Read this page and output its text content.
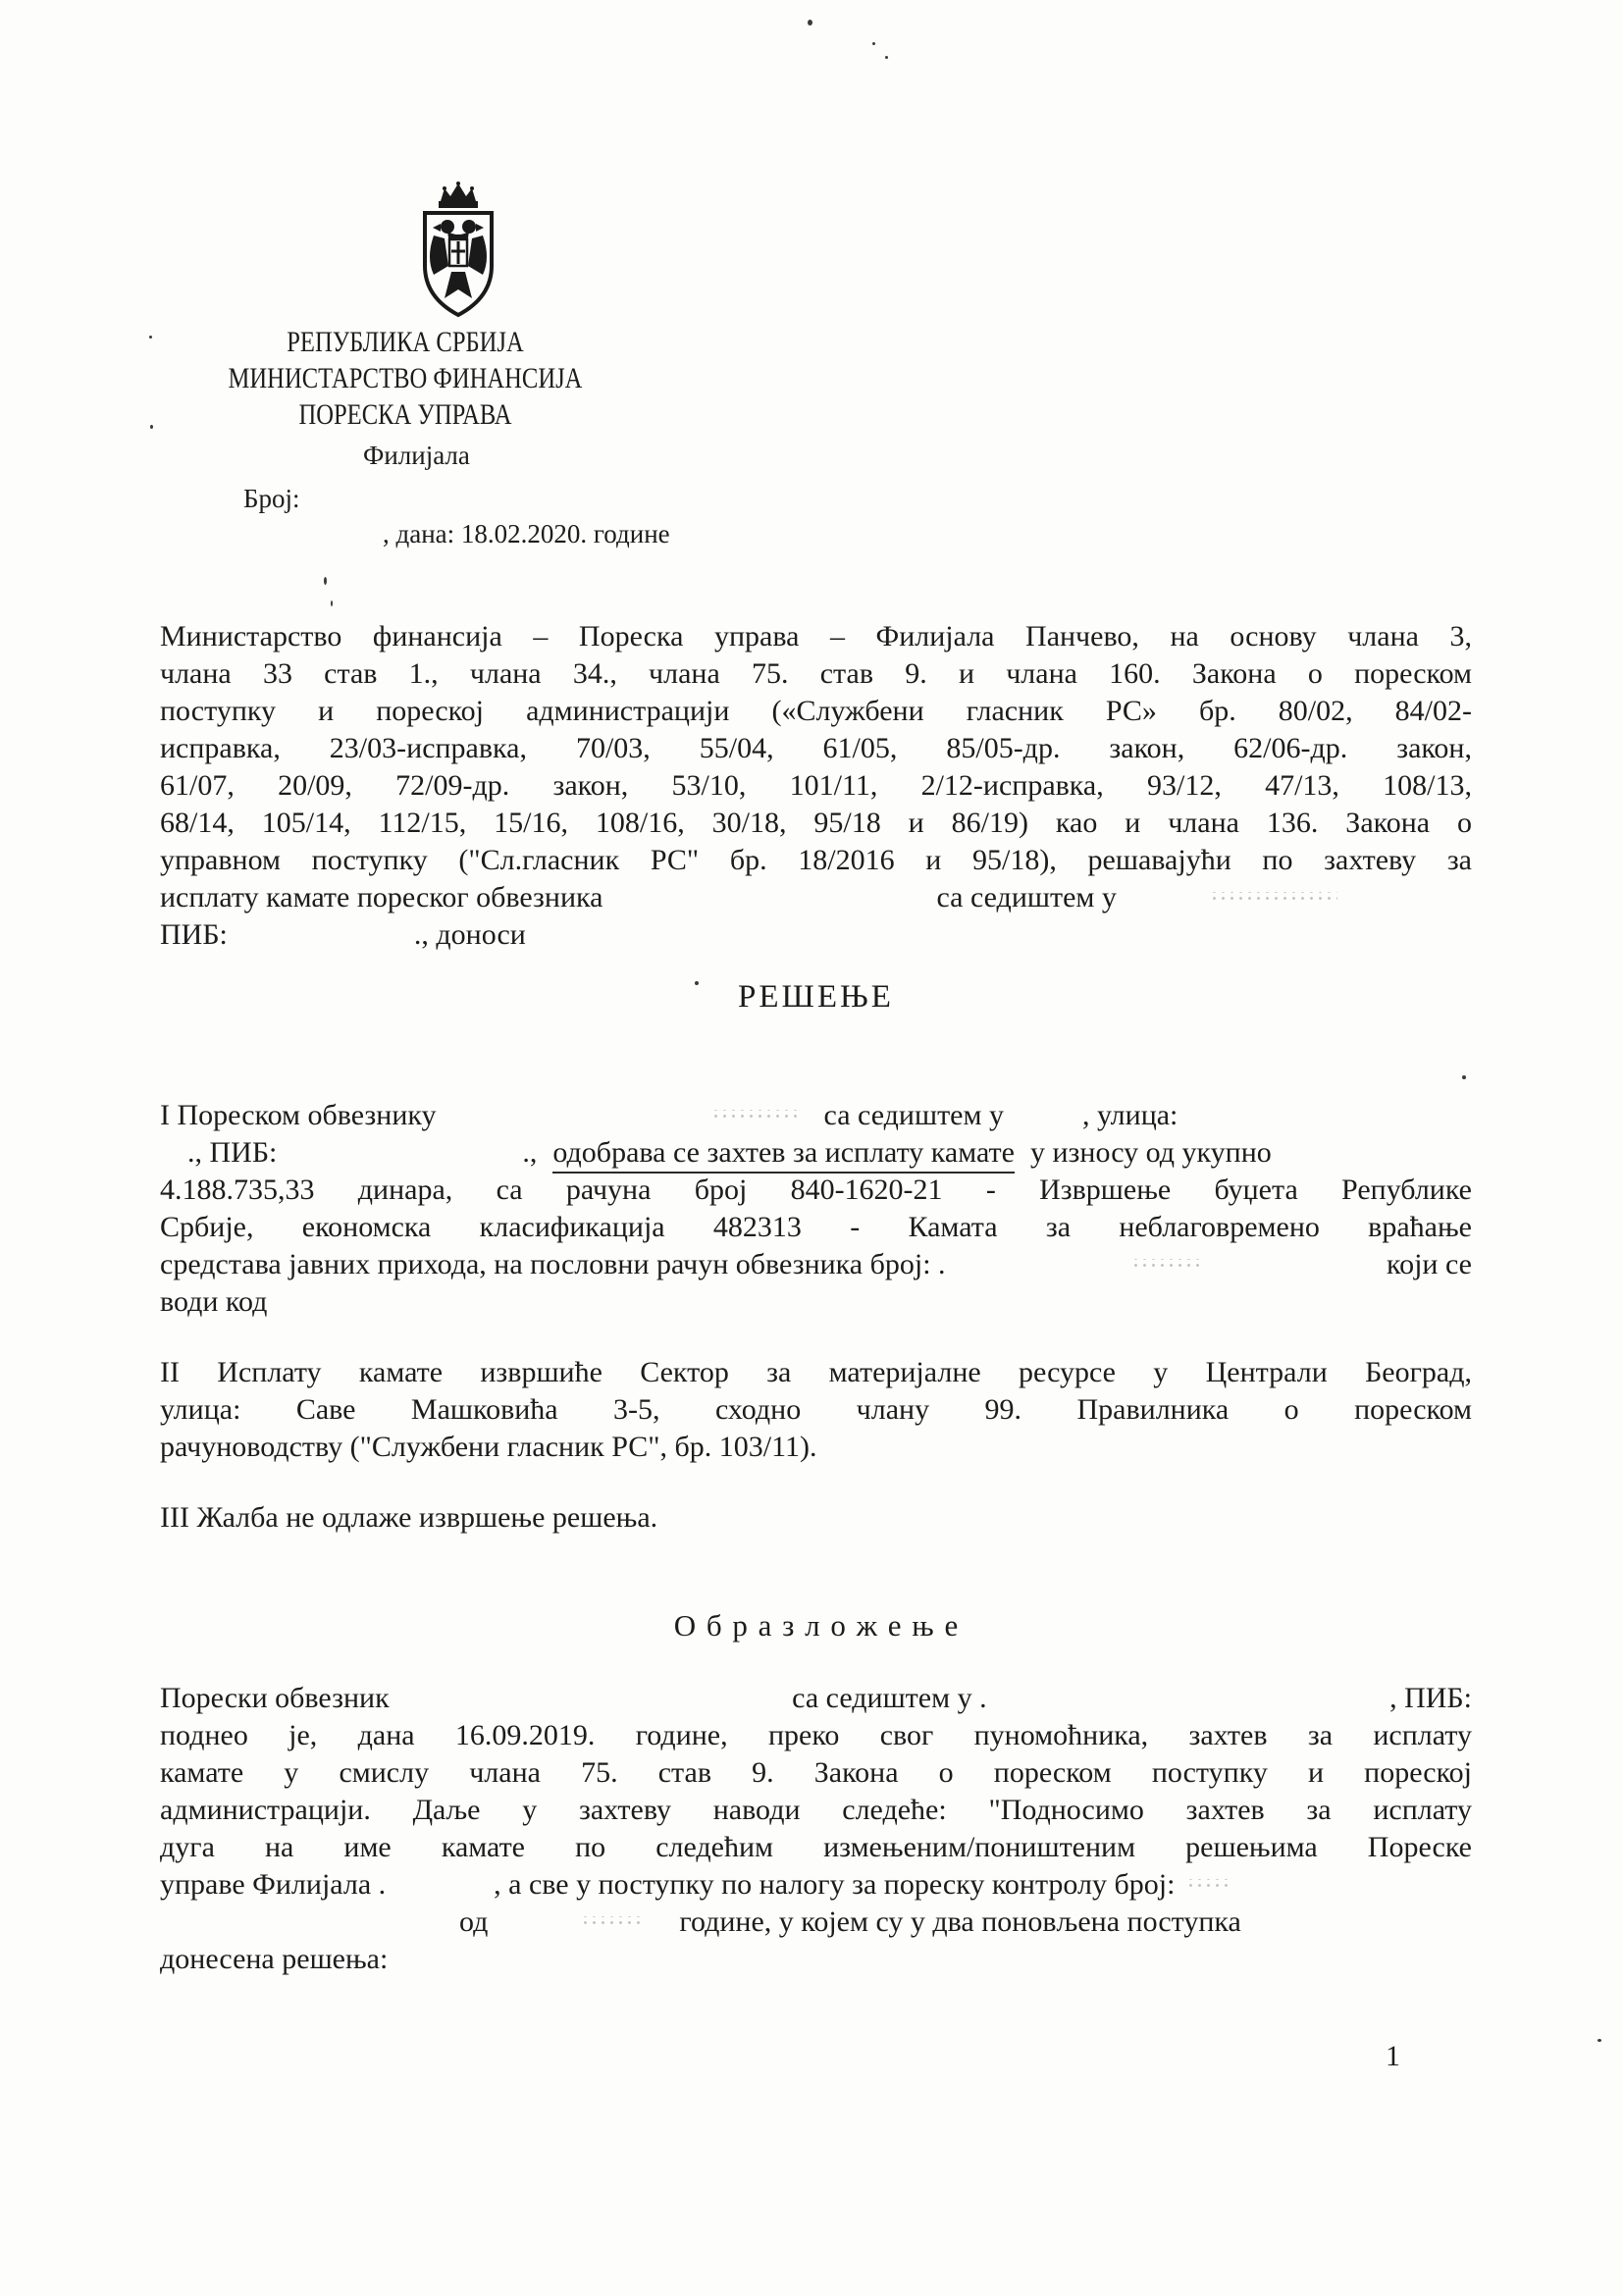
РЕПУБЛИКА СРБИЈА
МИНИСТАРСТВО ФИНАНСИЈА
ПОРЕСКА УПРАВА
Филијала
Број:
, дана: 18.02.2020. године
Министарство финансија – Пореска управа – Филијала Панчево, на основу члана 3,
члана 33 став 1., члана 34., члана 75. став 9. и члана 160. Закона о пореском
поступку и пореској администрацији («Службени гласник РС» бр. 80/02, 84/02-
исправка, 23/03-исправка, 70/03, 55/04, 61/05, 85/05-др. закон, 62/06-др. закон,
61/07, 20/09, 72/09-др. закон, 53/10, 101/11, 2/12-исправка, 93/12, 47/13, 108/13,
68/14, 105/14, 112/15, 15/16, 108/16, 30/18, 95/18 и 86/19) као и члана 136. Закона о
управном поступку ("Сл.гласник РС" бр. 18/2016 и 95/18), решавајући по захтеву за
исплату камате пореског обвезника	са седиштем у
ПИБ:	., доноси
РЕШЕЊЕ
I Пореском обвезнику	са седиштем у	, улица:
., ПИБ:	., одобрава се захтев за исплату камате у износу од укупно
4.188.735,33 динара, са рачуна број 840-1620-21 - Извршење буџета Републике
Србије, економска класификација 482313 - Камата за неблаговремено враћање
средстава јавних прихода, на пословни рачун обвезника број: .	који се
води код
II Исплату камате извршиће Сектор за материјалне ресурсе у Централи Београд,
улица: Саве Машковића 3-5, сходно члану 99. Правилника о пореском
рачуноводству ("Службени гласник РС", бр. 103/11).
III Жалба не одлаже извршење решења.
О б р а з л о ж е њ е
Порески обвезник	са седиштем у .	, ПИБ:
поднео је, дана 16.09.2019. године, преко свог пуномоћника, захтев за исплату
камате у смислу члана 75. став 9. Закона о пореском поступку и пореској
администрацији. Даље у захтеву наводи следеће: "Подносимо захтев за исплату
дуга на име камате по следећим измењеним/поништеним решењима Пореске
управе Филијала .	, а све у поступку по налогу за пореску контролу број:
од	године, у којем су у два поновљена поступка
донесена решења:
1
